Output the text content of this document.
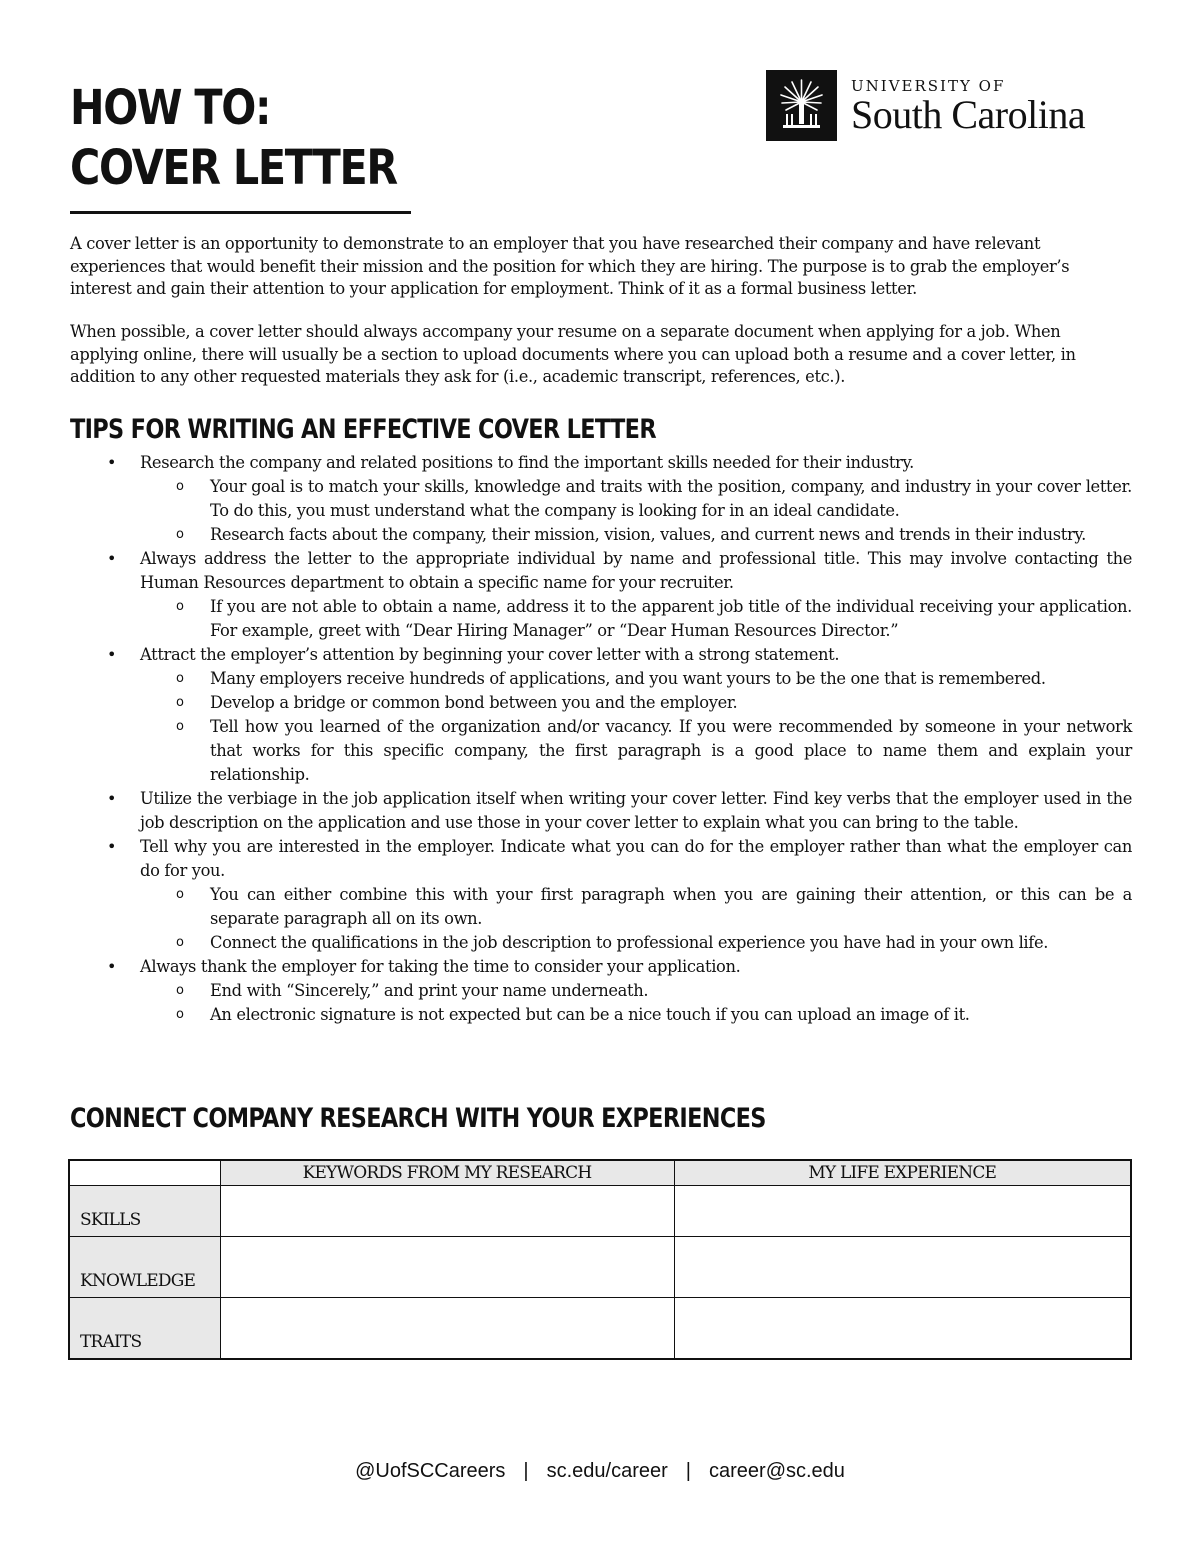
HOW TO:
COVER LETTER
UNIVERSITY OF
South Carolina

A cover letter is an opportunity to demonstrate to an employer that you have researched their company and have relevant experiences that would benefit their mission and the position for which they are hiring. The purpose is to grab the employer’s interest and gain their attention to your application for employment. Think of it as a formal business letter.

When possible, a cover letter should always accompany your resume on a separate document when applying for a job. When applying online, there will usually be a section to upload documents where you can upload both a resume and a cover letter, in addition to any other requested materials they ask for (i.e., academic transcript, references, etc.).

TIPS FOR WRITING AN EFFECTIVE COVER LETTER
• Research the company and related positions to find the important skills needed for their industry.
o Your goal is to match your skills, knowledge and traits with the position, company, and industry in your cover letter. To do this, you must understand what the company is looking for in an ideal candidate.
o Research facts about the company, their mission, vision, values, and current news and trends in their industry.
• Always address the letter to the appropriate individual by name and professional title. This may involve contacting the Human Resources department to obtain a specific name for your recruiter.
o If you are not able to obtain a name, address it to the apparent job title of the individual receiving your application. For example, greet with “Dear Hiring Manager” or “Dear Human Resources Director.”
• Attract the employer’s attention by beginning your cover letter with a strong statement.
o Many employers receive hundreds of applications, and you want yours to be the one that is remembered.
o Develop a bridge or common bond between you and the employer.
o Tell how you learned of the organization and/or vacancy. If you were recommended by someone in your network that works for this specific company, the first paragraph is a good place to name them and explain your relationship.
• Utilize the verbiage in the job application itself when writing your cover letter. Find key verbs that the employer used in the job description on the application and use those in your cover letter to explain what you can bring to the table.
• Tell why you are interested in the employer. Indicate what you can do for the employer rather than what the employer can do for you.
o You can either combine this with your first paragraph when you are gaining their attention, or this can be a separate paragraph all on its own.
o Connect the qualifications in the job description to professional experience you have had in your own life.
• Always thank the employer for taking the time to consider your application.
o End with “Sincerely,” and print your name underneath.
o An electronic signature is not expected but can be a nice touch if you can upload an image of it.
CONNECT COMPANY RESEARCH WITH YOUR EXPERIENCES
	KEYWORDS FROM MY RESEARCH	MY LIFE EXPERIENCE
SKILLS		
KNOWLEDGE		
TRAITS		
@UofSCCareers | sc.edu/career | career@sc.edu
